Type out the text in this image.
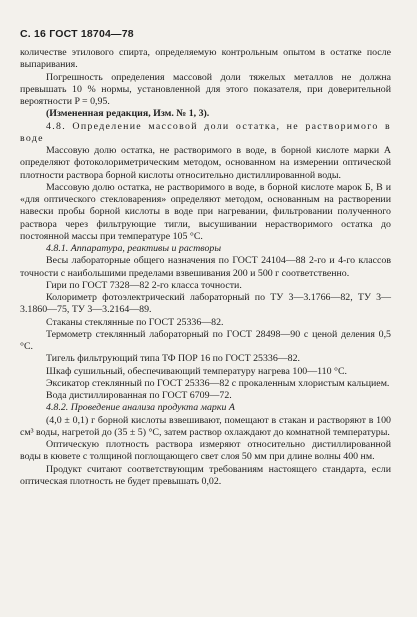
С. 16 ГОСТ 18704—78

количестве этилового спирта, определяемую контрольным опытом в остатке после выпаривания.

Погрешность определения массовой доли тяжелых металлов не должна превышать 10 % нормы, установленной для этого показателя, при доверительной вероятности P = 0,95.

(Измененная редакция, Изм. № 1, 3).

4.8. Определение массовой доли остатка, не растворимого в воде

Массовую долю остатка, не растворимого в воде, в борной кислоте марки А определяют фотоколориметрическим методом, основанном на измерении оптической плотности раствора борной кислоты относительно дистиллированной воды.

Массовую долю остатка, не растворимого в воде, в борной кислоте марок Б, В и «для оптического стекловарения» определяют методом, основанным на растворении навески пробы борной кислоты в воде при нагревании, фильтровании полученного раствора через фильтрующие тигли, высушивании нерастворимого остатка до постоянной массы при температуре 105 °С.

4.8.1. Аппаратура, реактивы и растворы

Весы лабораторные общего назначения по ГОСТ 24104—88 2-го и 4-го классов точности с наибольшими пределами взвешивания 200 и 500 г соответственно.

Гири по ГОСТ 7328—82 2-го класса точности.

Колориметр фотоэлектрический лабораторный по ТУ 3—3.1766—82, ТУ 3—3.1860—75, ТУ 3—3.2164—89.

Стаканы стеклянные по ГОСТ 25336—82.

Термометр стеклянный лабораторный по ГОСТ 28498—90 с ценой деления 0,5 °С.

Тигель фильтрующий типа ТФ ПОР 16 по ГОСТ 25336—82.

Шкаф сушильный, обеспечивающий температуру нагрева 100—110 °С.

Эксикатор стеклянный по ГОСТ 25336—82 с прокаленным хлористым кальцием.

Вода дистиллированная по ГОСТ 6709—72.

4.8.2. Проведение анализа продукта марки А

(4,0 ± 0,1) г борной кислоты взвешивают, помещают в стакан и растворяют в 100 см³ воды, нагретой до (35 ± 5) °С, затем раствор охлаждают до комнатной температуры.

Оптическую плотность раствора измеряют относительно дистиллированной воды в кювете с толщиной поглощающего свет слоя 50 мм при длине волны 400 нм.

Продукт считают соответствующим требованиям настоящего стандарта, если оптическая плотность не будет превышать 0,02.
